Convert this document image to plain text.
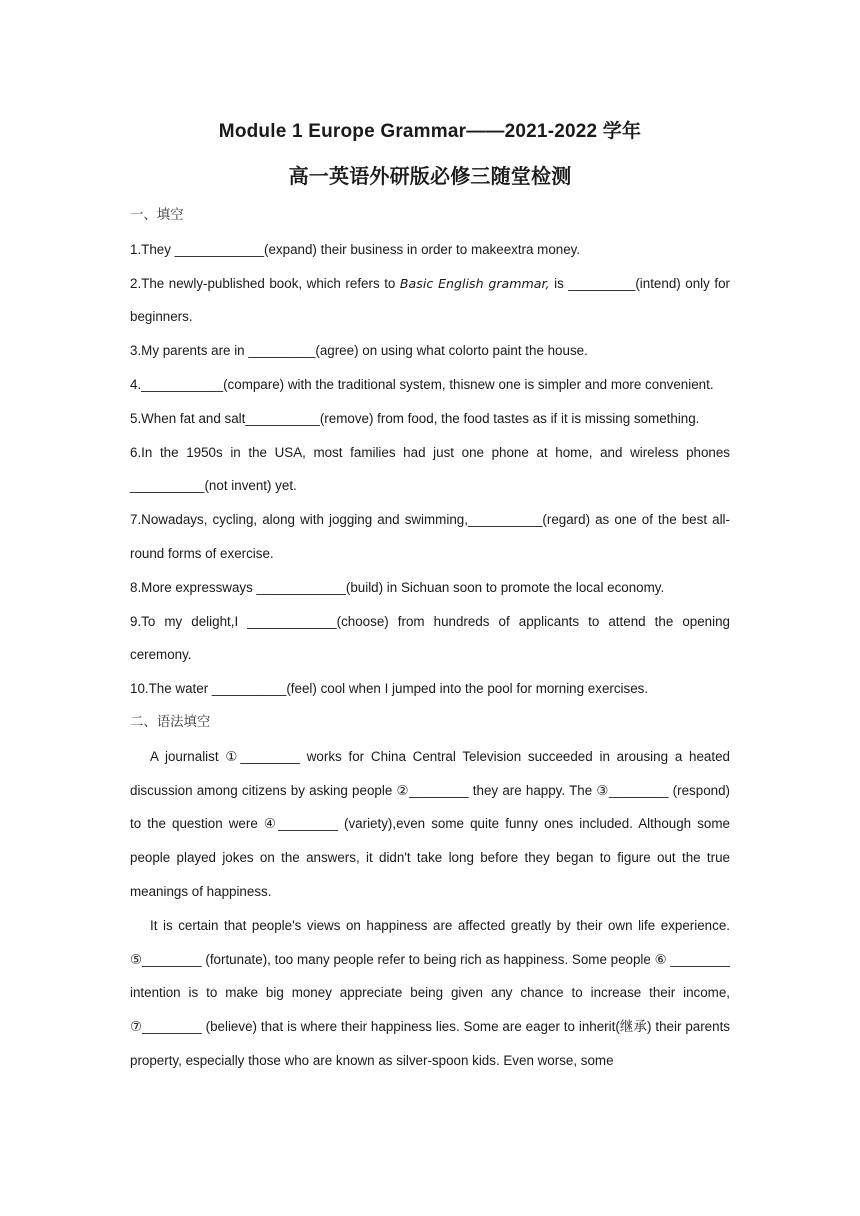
Module 1 Europe Grammar——2021-2022 学年
高一英语外研版必修三随堂检测
一、填空
1.They ____________(expand) their business in order to makeextra money.
2.The newly-published book, which refers to Basic English grammar, is _________(intend) only for beginners.
3.My parents are in _________(agree) on using what colorto paint the house.
4.___________(compare) with the traditional system, thisnew one is simpler and more convenient.
5.When fat and salt__________(remove) from food, the food tastes as if it is missing something.
6.In the 1950s in the USA, most families had just one phone at home, and wireless phones __________(not invent) yet.
7.Nowadays, cycling, along with jogging and swimming,__________(regard) as one of the best all-round forms of exercise.
8.More expressways ____________(build) in Sichuan soon to promote the local economy.
9.To my delight,I ____________(choose) from hundreds of applicants to attend the opening ceremony.
10.The water __________(feel) cool when I jumped into the pool for morning exercises.
二、语法填空
A journalist ①________ works for China Central Television succeeded in arousing a heated discussion among citizens by asking people ②________ they are happy. The ③________ (respond) to the question were ④________ (variety),even some quite funny ones included. Although some people played jokes on the answers, it didn't take long before they began to figure out the true meanings of happiness.
It is certain that people's views on happiness are affected greatly by their own life experience. ⑤________ (fortunate), too many people refer to being rich as happiness. Some people ⑥ ________ intention is to make big money appreciate being given any chance to increase their income, ⑦________ (believe) that is where their happiness lies. Some are eager to inherit(继承) their parents property, especially those who are known as silver-spoon kids. Even worse, some
